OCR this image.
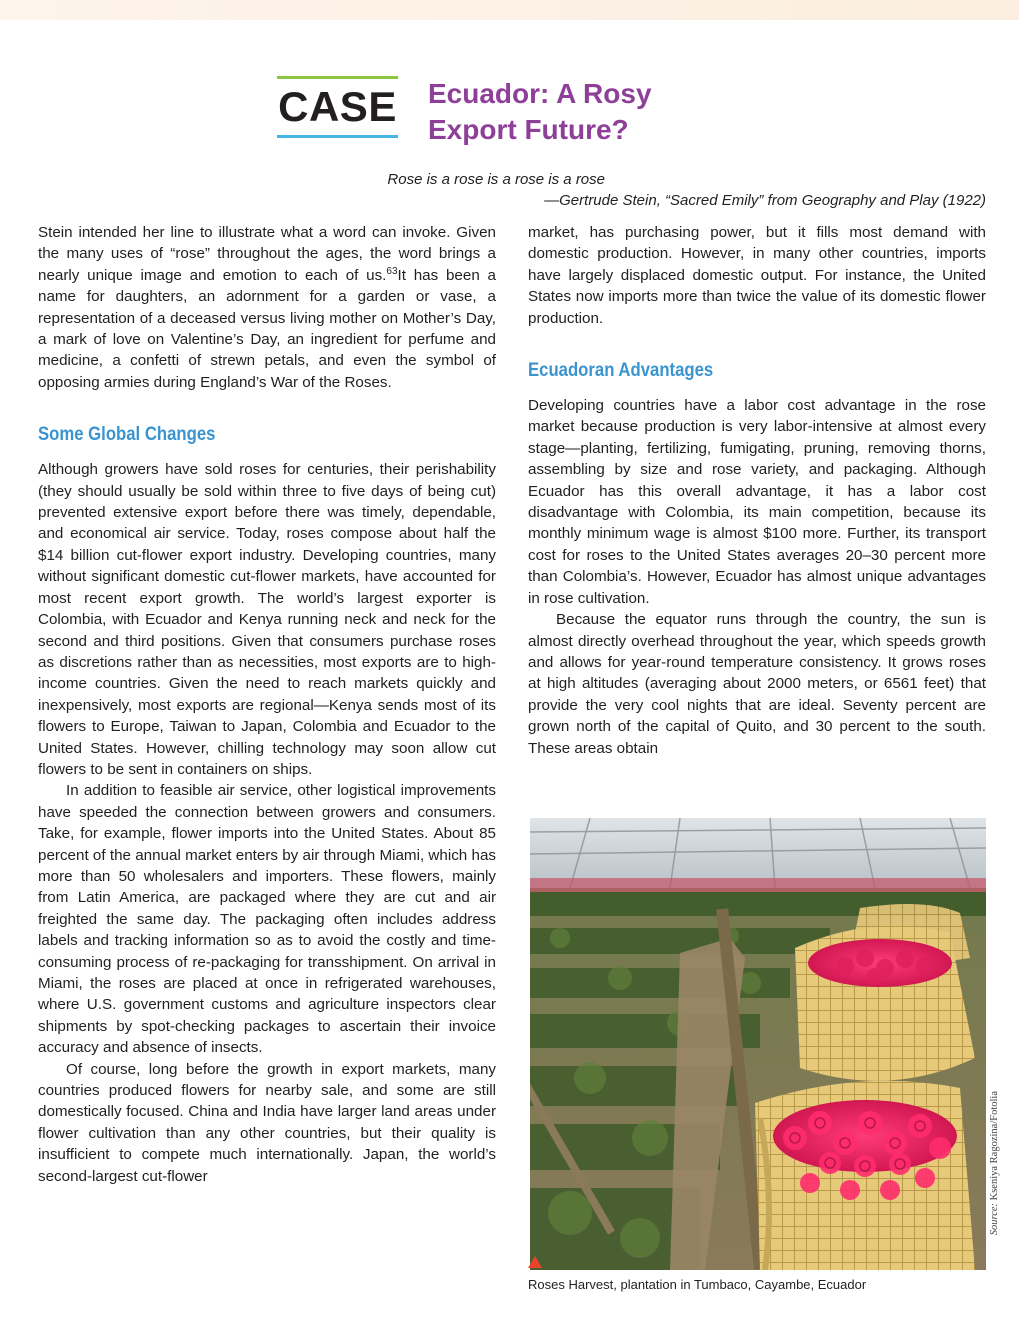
CASE Ecuador: A Rosy
Export Future?
Rose is a rose is a rose is a rose
—Gertrude Stein, “Sacred Emily” from Geography and Play (1922)

Stein intended her line to illustrate what a word can invoke. Given the many uses of “rose” throughout the ages, the word brings a nearly unique image and emotion to each of us.$^{63}$It has been a name for daughters, an adornment for a garden or vase, a representation of a deceased versus living mother on Mother’s Day, a mark of love on Valentine’s Day, an ingredient for perfume and medicine, a confetti of strewn petals, and even the symbol of opposing armies during England’s War of the Roses.

Some Global Changes

Although growers have sold roses for centuries, their perishability (they should usually be sold within three to five days of being cut) prevented extensive export before there was timely, dependable, and economical air service. Today, roses compose about half the $14 billion cut-flower export industry. Developing countries, many without significant domestic cut-flower markets, have accounted for most recent export growth. The world’s largest exporter is Colombia, with Ecuador and Kenya running neck and neck for the second and third positions. Given that consumers purchase roses as discretions rather than as necessities, most exports are to high-income countries. Given the need to reach markets quickly and inexpensively, most exports are regional—Kenya sends most of its flowers to Europe, Taiwan to Japan, Colombia and Ecuador to the United States. However, chilling technology may soon allow cut flowers to be sent in containers on ships.

In addition to feasible air service, other logistical improvements have speeded the connection between growers and consumers. Take, for example, flower imports into the United States. About 85 percent of the annual market enters by air through Miami, which has more than 50 wholesalers and importers. These flowers, mainly from Latin America, are packaged where they are cut and air freighted the same day. The packaging often includes address labels and tracking information so as to avoid the costly and time-consuming process of re-packaging for transshipment. On arrival in Miami, the roses are placed at once in refrigerated warehouses, where U.S. government customs and agriculture inspectors clear shipments by spot-checking packages to ascertain their invoice accuracy and absence of insects.

Of course, long before the growth in export markets, many countries produced flowers for nearby sale, and some are still domestically focused. China and India have larger land areas under flower cultivation than any other countries, but their quality is insufficient to compete much internationally. Japan, the world’s second-largest cut-flower

market, has purchasing power, but it fills most demand with domestic production. However, in many other countries, imports have largely displaced domestic output. For instance, the United States now imports more than twice the value of its domestic flower production.

Ecuadoran Advantages

Developing countries have a labor cost advantage in the rose market because production is very labor-intensive at almost every stage—planting, fertilizing, fumigating, pruning, removing thorns, assembling by size and rose variety, and packaging. Although Ecuador has this overall advantage, it has a labor cost disadvantage with Colombia, its main competition, because its monthly minimum wage is almost $100 more. Further, its transport cost for roses to the United States averages 20–30 percent more than Colombia’s. However, Ecuador has almost unique advantages in rose cultivation.

Because the equator runs through the country, the sun is almost directly overhead throughout the year, which speeds growth and allows for year-round temperature consistency. It grows roses at high altitudes (averaging about 2000 meters, or 6561 feet) that provide the very cool nights that are ideal. Seventy percent are grown north of the capital of Quito, and 30 percent to the south. These areas obtain

Source: Kseniya Ragozina/Fotolia
Roses Harvest, plantation in Tumbaco, Cayambe, Ecuador
